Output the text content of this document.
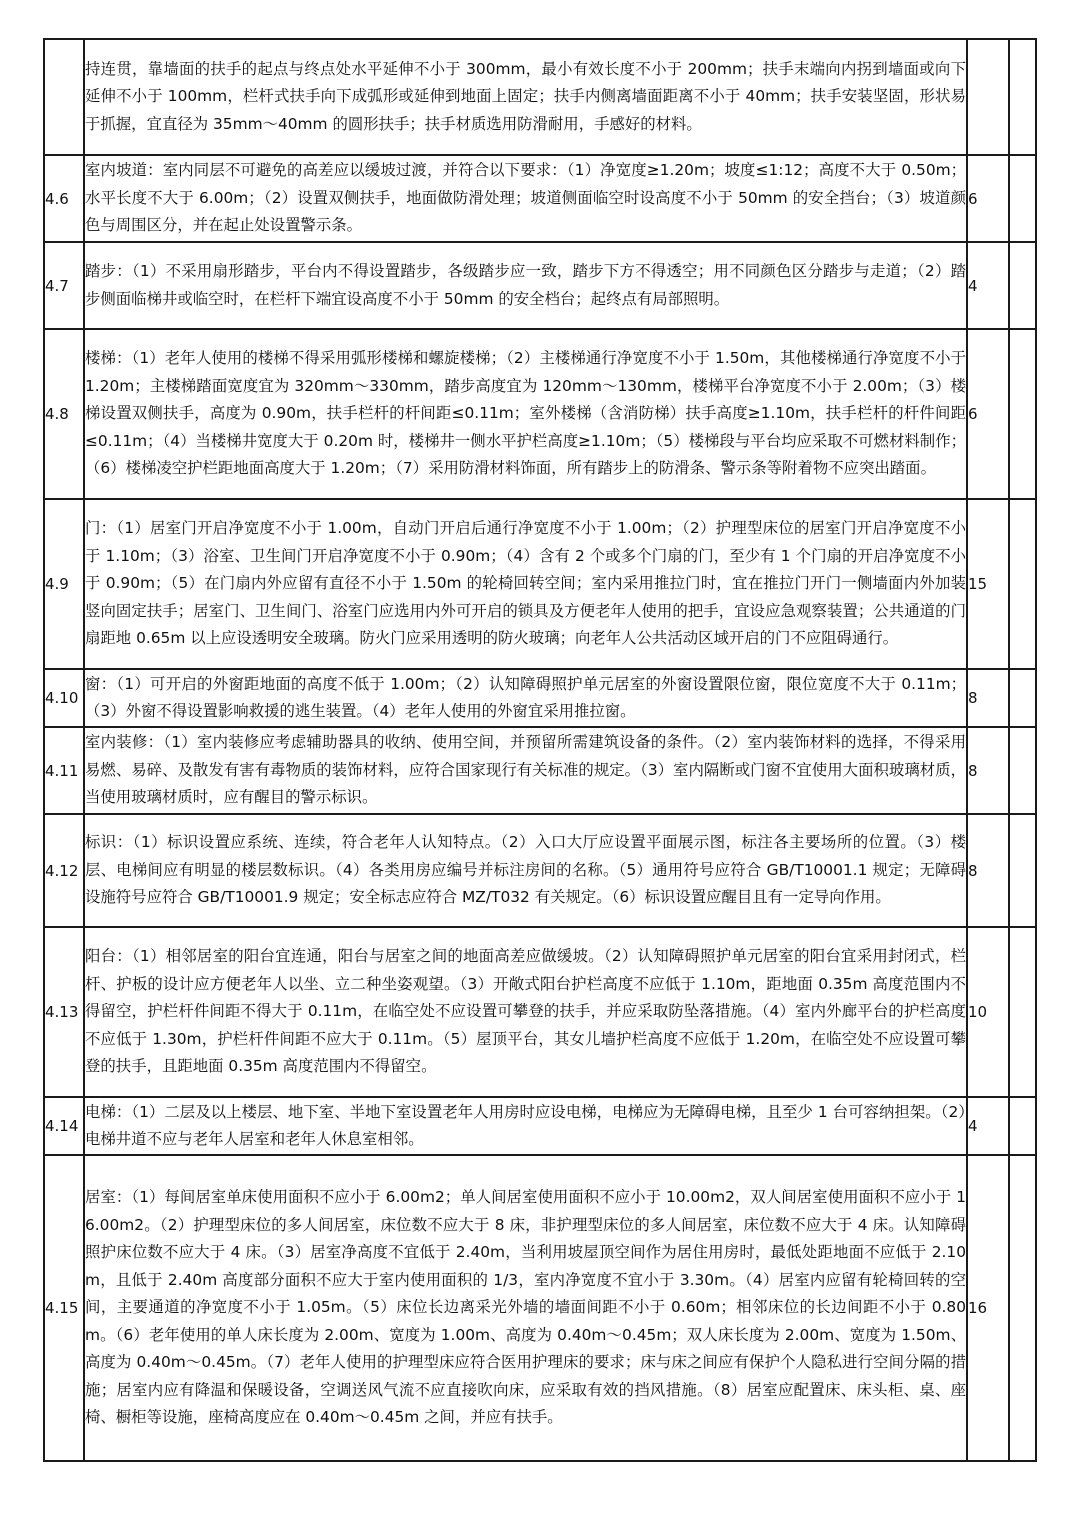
	持连贯，靠墙面的扶手的起点与终点处水平延伸不小于 300mm，最小有效长度不小于 200mm；扶手末端向内拐到墙面或向下延伸不小于 100mm，栏杆式扶手向下成弧形或延伸到地面上固定；扶手内侧离墙面距离不小于 40mm；扶手安装坚固，形状易于抓握，宜直径为 35mm～40mm 的圆形扶手；扶手材质选用防滑耐用，手感好的材料。		
4.6	室内坡道：室内同层不可避免的高差应以缓坡过渡，并符合以下要求：（1）净宽度≥1.20m；坡度≤1:12；高度不大于 0.50m；水平长度不大于 6.00m；（2）设置双侧扶手，地面做防滑处理；坡道侧面临空时设高度不小于 50mm 的安全挡台；（3）坡道颜色与周围区分，并在起止处设置警示条。	6	
4.7	踏步：（1）不采用扇形踏步，平台内不得设置踏步，各级踏步应一致，踏步下方不得透空；用不同颜色区分踏步与走道；（2）踏步侧面临梯井或临空时，在栏杆下端宜设高度不小于 50mm 的安全档台；起终点有局部照明。	4	
4.8	楼梯：（1）老年人使用的楼梯不得采用弧形楼梯和螺旋楼梯；（2）主楼梯通行净宽度不小于 1.50m，其他楼梯通行净宽度不小于 1.20m；主楼梯踏面宽度宜为 320mm～330mm，踏步高度宜为 120mm～130mm，楼梯平台净宽度不小于 2.00m；（3）楼梯设置双侧扶手，高度为 0.90m，扶手栏杆的杆间距≤0.11m；室外楼梯（含消防梯）扶手高度≥1.10m，扶手栏杆的杆件间距≤0.11m；（4）当楼梯井宽度大于 0.20m 时，楼梯井一侧水平护栏高度≥1.10m；（5）楼梯段与平台均应采取不可燃材料制作；（6）楼梯凌空护栏距地面高度大于 1.20m；（7）采用防滑材料饰面，所有踏步上的防滑条、警示条等附着物不应突出踏面。	6	
4.9	门：（1）居室门开启净宽度不小于 1.00m，自动门开启后通行净宽度不小于 1.00m；（2）护理型床位的居室门开启净宽度不小于 1.10m；（3）浴室、卫生间门开启净宽度不小于 0.90m；（4）含有 2 个或多个门扇的门，至少有 1 个门扇的开启净宽度不小于 0.90m；（5）在门扇内外应留有直径不小于 1.50m 的轮椅回转空间；室内采用推拉门时，宜在推拉门开门一侧墙面内外加装竖向固定扶手；居室门、卫生间门、浴室门应选用内外可开启的锁具及方便老年人使用的把手，宜设应急观察装置；公共通道的门扇距地 0.65m 以上应设透明安全玻璃。防火门应采用透明的防火玻璃；向老年人公共活动区域开启的门不应阻碍通行。	15	
4.10	窗：（1）可开启的外窗距地面的高度不低于 1.00m；（2）认知障碍照护单元居室的外窗设置限位窗，限位宽度不大于 0.11m；（3）外窗不得设置影响救援的逃生装置。（4）老年人使用的外窗宜采用推拉窗。	8	
4.11	室内装修：（1）室内装修应考虑辅助器具的收纳、使用空间，并预留所需建筑设备的条件。（2）室内装饰材料的选择，不得采用易燃、易碎、及散发有害有毒物质的装饰材料，应符合国家现行有关标准的规定。（3）室内隔断或门窗不宜使用大面积玻璃材质，当使用玻璃材质时，应有醒目的警示标识。	8	
4.12	标识：（1）标识设置应系统、连续，符合老年人认知特点。（2）入口大厅应设置平面展示图，标注各主要场所的位置。（3）楼层、电梯间应有明显的楼层数标识。（4）各类用房应编号并标注房间的名称。（5）通用符号应符合 GB/T10001.1 规定；无障碍设施符号应符合 GB/T10001.9 规定；安全标志应符合 MZ/T032 有关规定。（6）标识设置应醒目且有一定导向作用。	8	
4.13	阳台：（1）相邻居室的阳台宜连通，阳台与居室之间的地面高差应做缓坡。（2）认知障碍照护单元居室的阳台宜采用封闭式，栏杆、护板的设计应方便老年人以坐、立二种坐姿观望。（3）开敞式阳台护栏高度不应低于 1.10m，距地面 0.35m 高度范围内不得留空，护栏杆件间距不得大于 0.11m，在临空处不应设置可攀登的扶手，并应采取防坠落措施。（4）室内外廊平台的护栏高度不应低于 1.30m，护栏杆件间距不应大于 0.11m。（5）屋顶平台，其女儿墙护栏高度不应低于 1.20m，在临空处不应设置可攀登的扶手，且距地面 0.35m 高度范围内不得留空。	10	
4.14	电梯：（1）二层及以上楼层、地下室、半地下室设置老年人用房时应设电梯，电梯应为无障碍电梯，且至少 1 台可容纳担架。（2）电梯井道不应与老年人居室和老年人休息室相邻。	4	
4.15	居室：（1）每间居室单床使用面积不应小于 6.00m2；单人间居室使用面积不应小于 10.00m2，双人间居室使用面积不应小于 16.00m2。（2）护理型床位的多人间居室，床位数不应大于 8 床，非护理型床位的多人间居室，床位数不应大于 4 床。认知障碍照护床位数不应大于 4 床。（3）居室净高度不宜低于 2.40m，当利用坡屋顶空间作为居住用房时，最低处距地面不应低于 2.10m，且低于 2.40m 高度部分面积不应大于室内使用面积的 1/3，室内净宽度不宜小于 3.30m。（4）居室内应留有轮椅回转的空间，主要通道的净宽度不小于 1.05m。（5）床位长边离采光外墙的墙面间距不小于 0.60m；相邻床位的长边间距不小于 0.80m。（6）老年使用的单人床长度为 2.00m、宽度为 1.00m、高度为 0.40m～0.45m；双人床长度为 2.00m、宽度为 1.50m、高度为 0.40m～0.45m。（7）老年人使用的护理型床应符合医用护理床的要求；床与床之间应有保护个人隐私进行空间分隔的措施；居室内应有降温和保暖设备，空调送风气流不应直接吹向床，应采取有效的挡风措施。（8）居室应配置床、床头柜、桌、座椅、橱柜等设施，座椅高度应在 0.40m～0.45m 之间，并应有扶手。	16	
